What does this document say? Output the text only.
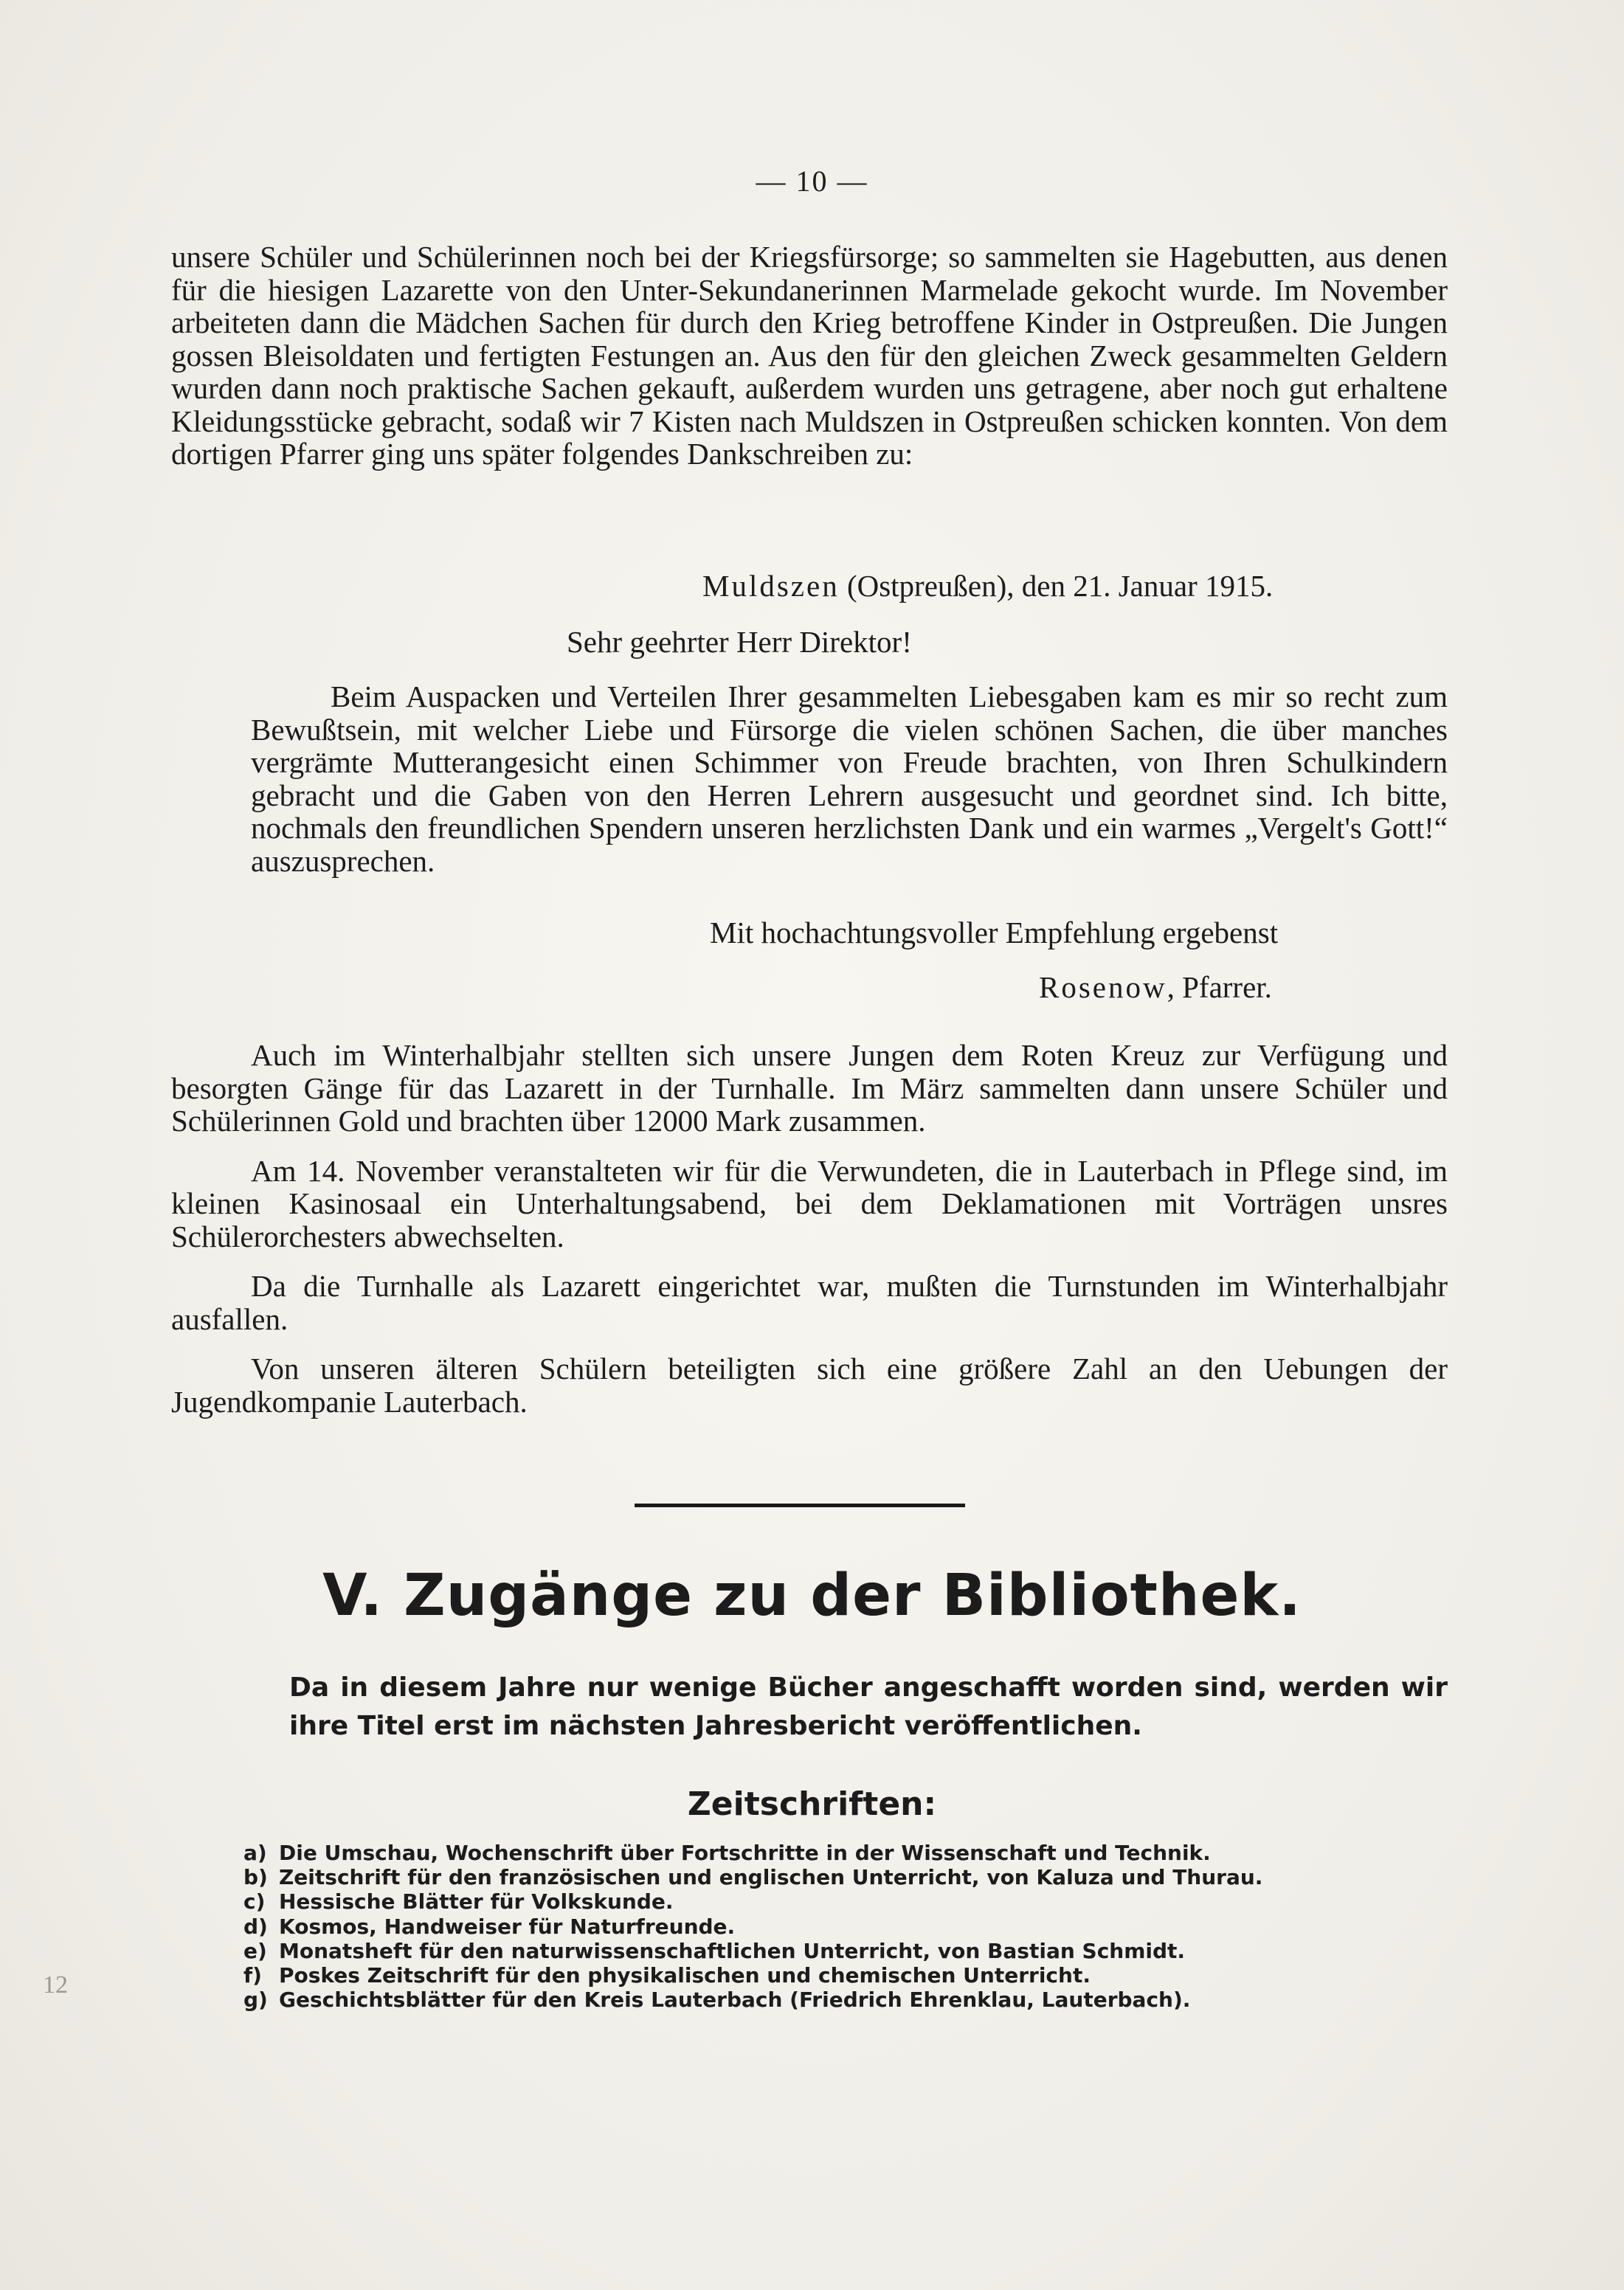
— 10 —

unsere Schüler und Schülerinnen noch bei der Kriegsfürsorge; so sammelten sie Hagebutten, aus denen für die hiesigen Lazarette von den Unter-Sekundanerinnen Marmelade gekocht wurde. Im November arbeiteten dann die Mädchen Sachen für durch den Krieg betroffene Kinder in Ostpreußen. Die Jungen gossen Bleisoldaten und fertigten Festungen an. Aus den für den gleichen Zweck gesammelten Geldern wurden dann noch praktische Sachen gekauft, außerdem wurden uns getragene, aber noch gut erhaltene Kleidungsstücke gebracht, sodaß wir 7 Kisten nach Muldszen in Ostpreußen schicken konnten. Von dem dortigen Pfarrer ging uns später folgendes Dankschreiben zu:

Muldszen (Ostpreußen), den 21. Januar 1915.
Sehr geehrter Herr Direktor!

Beim Auspacken und Verteilen Ihrer gesammelten Liebesgaben kam es mir so recht zum Bewußtsein, mit welcher Liebe und Fürsorge die vielen schönen Sachen, die über manches vergrämte Mutterangesicht einen Schimmer von Freude brachten, von Ihren Schulkindern gebracht und die Gaben von den Herren Lehrern ausgesucht und geordnet sind. Ich bitte, nochmals den freundlichen Spendern unseren herzlichsten Dank und ein warmes „Vergelt's Gott!“ auszusprechen.

Mit hochachtungsvoller Empfehlung ergebenst
Rosenow, Pfarrer.

Auch im Winterhalbjahr stellten sich unsere Jungen dem Roten Kreuz zur Verfügung und besorgten Gänge für das Lazarett in der Turnhalle. Im März sammelten dann unsere Schüler und Schülerinnen Gold und brachten über 12000 Mark zusammen.

Am 14. November veranstalteten wir für die Verwundeten, die in Lauterbach in Pflege sind, im kleinen Kasinosaal ein Unterhaltungsabend, bei dem Deklamationen mit Vorträgen unsres Schülerorchesters abwechselten.

Da die Turnhalle als Lazarett eingerichtet war, mußten die Turnstunden im Winterhalbjahr ausfallen.

Von unseren älteren Schülern beteiligten sich eine größere Zahl an den Uebungen der Jugendkompanie Lauterbach.

V. Zugänge zu der Bibliothek.
Da in diesem Jahre nur wenige Bücher angeschafft worden sind, werden wir ihre Titel erst im nächsten Jahresbericht veröffentlichen.
Zeitschriften:
a) Die Umschau, Wochenschrift über Fortschritte in der Wissenschaft und Technik.
b) Zeitschrift für den französischen und englischen Unterricht, von Kaluza und Thurau.
c) Hessische Blätter für Volkskunde.
d) Kosmos, Handweiser für Naturfreunde.
e) Monatsheft für den naturwissenschaftlichen Unterricht, von Bastian Schmidt.
f) Poskes Zeitschrift für den physikalischen und chemischen Unterricht.
g) Geschichtsblätter für den Kreis Lauterbach (Friedrich Ehrenklau, Lauterbach).
12
